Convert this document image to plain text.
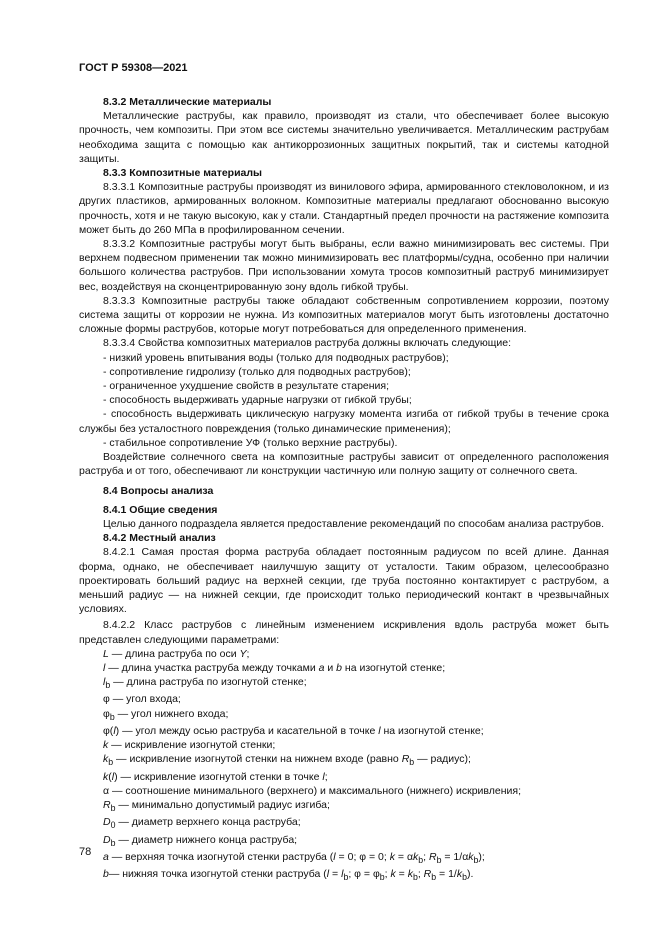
ГОСТ Р 59308—2021

8.3.2 Металлические материалы

Металлические раструбы, как правило, производят из стали, что обеспечивает более высокую прочность, чем композиты. При этом все системы значительно увеличивается. Металлическим раструбам необходима защита с помощью как антикоррозионных защитных покрытий, так и системы катодной защиты.

8.3.3 Композитные материалы

8.3.3.1 Композитные раструбы производят из винилового эфира, армированного стекловолокном, и из других пластиков, армированных волокном. Композитные материалы предлагают обоснованно высокую прочность, хотя и не такую высокую, как у стали. Стандартный предел прочности на растяжение композита может быть до 260 МПа в профилированном сечении.

8.3.3.2 Композитные раструбы могут быть выбраны, если важно минимизировать вес системы. При верхнем подвесном применении так можно минимизировать вес платформы/судна, особенно при наличии большого количества раструбов. При использовании хомута тросов композитный раструб минимизирует вес, воздействуя на сконцентрированную зону вдоль гибкой трубы.

8.3.3.3 Композитные раструбы также обладают собственным сопротивлением коррозии, поэтому система защиты от коррозии не нужна. Из композитных материалов могут быть изготовлены достаточно сложные формы раструбов, которые могут потребоваться для определенного применения.

8.3.3.4 Свойства композитных материалов раструба должны включать следующие:

- низкий уровень впитывания воды (только для подводных раструбов);

- сопротивление гидролизу (только для подводных раструбов);

- ограниченное ухудшение свойств в результате старения;

- способность выдерживать ударные нагрузки от гибкой трубы;

- способность выдерживать циклическую нагрузку момента изгиба от гибкой трубы в течение срока службы без усталостного повреждения (только динамические применения);

- стабильное сопротивление УФ (только верхние раструбы).

Воздействие солнечного света на композитные раструбы зависит от определенного расположения раструба и от того, обеспечивают ли конструкции частичную или полную защиту от солнечного света.

8.4 Вопросы анализа

8.4.1 Общие сведения

Целью данного подраздела является предоставление рекомендаций по способам анализа раструбов.

8.4.2 Местный анализ

8.4.2.1 Самая простая форма раструба обладает постоянным радиусом по всей длине. Данная форма, однако, не обеспечивает наилучшую защиту от усталости. Таким образом, целесообразно проектировать больший радиус на верхней секции, где труба постоянно контактирует с раструбом, а меньший радиус — на нижней секции, где происходит только периодический контакт в чрезвычайных условиях.

8.4.2.2 Класс раструбов с линейным изменением искривления вдоль раструба может быть представлен следующими параметрами:

L — длина раструба по оси Y;

l — длина участка раструба между точками a и b на изогнутой стенке;

$l_b$ — длина раструба по изогнутой стенке;

φ — угол входа;

$\varphi_b$ — угол нижнего входа;

φ(l) — угол между осью раструба и касательной в точке l на изогнутой стенке;

k — искривление изогнутой стенки;

$k_b$ — искривление изогнутой стенки на нижнем входе (равно $R_b$ — радиус);

k(l) — искривление изогнутой стенки в точке l;

α — соотношение минимального (верхнего) и максимального (нижнего) искривления;

$R_b$ — минимально допустимый радиус изгиба;

$D_0$ — диаметр верхнего конца раструба;

$D_b$ — диаметр нижнего конца раструба;

a — верхняя точка изогнутой стенки раструба (l = 0; φ = 0; $k = \alpha k_b$; $R_b = 1/\alpha k_b$);

b— нижняя точка изогнутой стенки раструба ($l = l_b$; $\varphi = \varphi_b$; $k = k_b$; $R_b = 1/k_b$).

78
